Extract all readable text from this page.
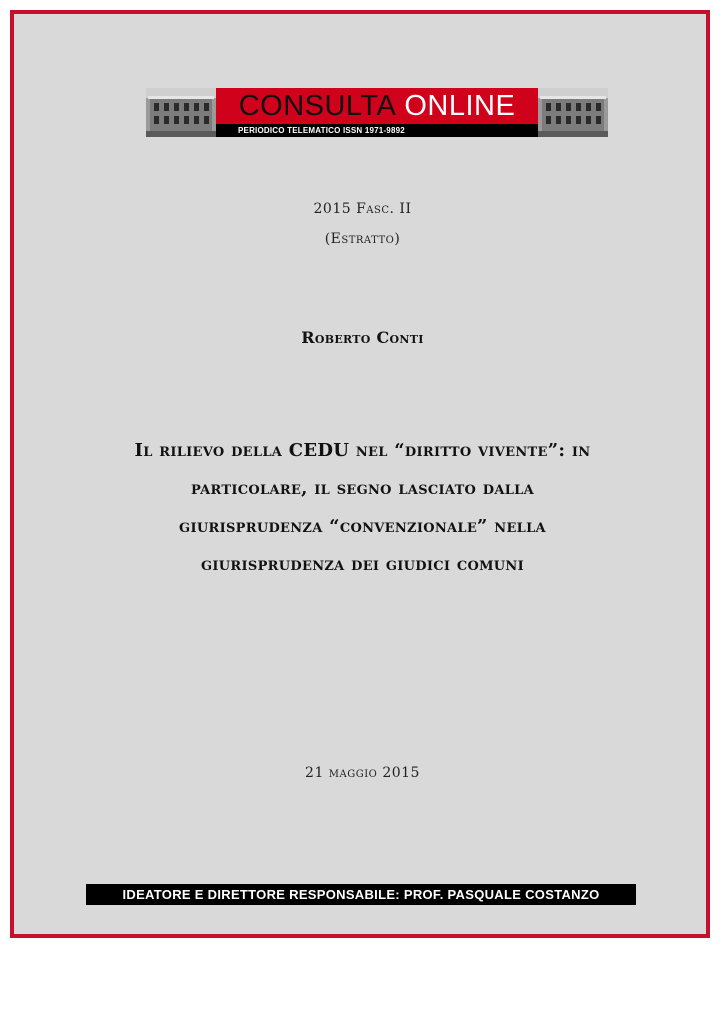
CONSULTA ONLINE
PERIODICO TELEMATICO ISSN 1971-9892
2015 Fasc. II
(Estratto)
Roberto Conti
Il rilievo della CEDU nel “diritto vivente”: in
particolare, il segno lasciato dalla
giurisprudenza “convenzionale” nella
giurisprudenza dei giudici comuni
21 maggio 2015
IDEATORE E DIRETTORE RESPONSABILE: PROF. PASQUALE COSTANZO
